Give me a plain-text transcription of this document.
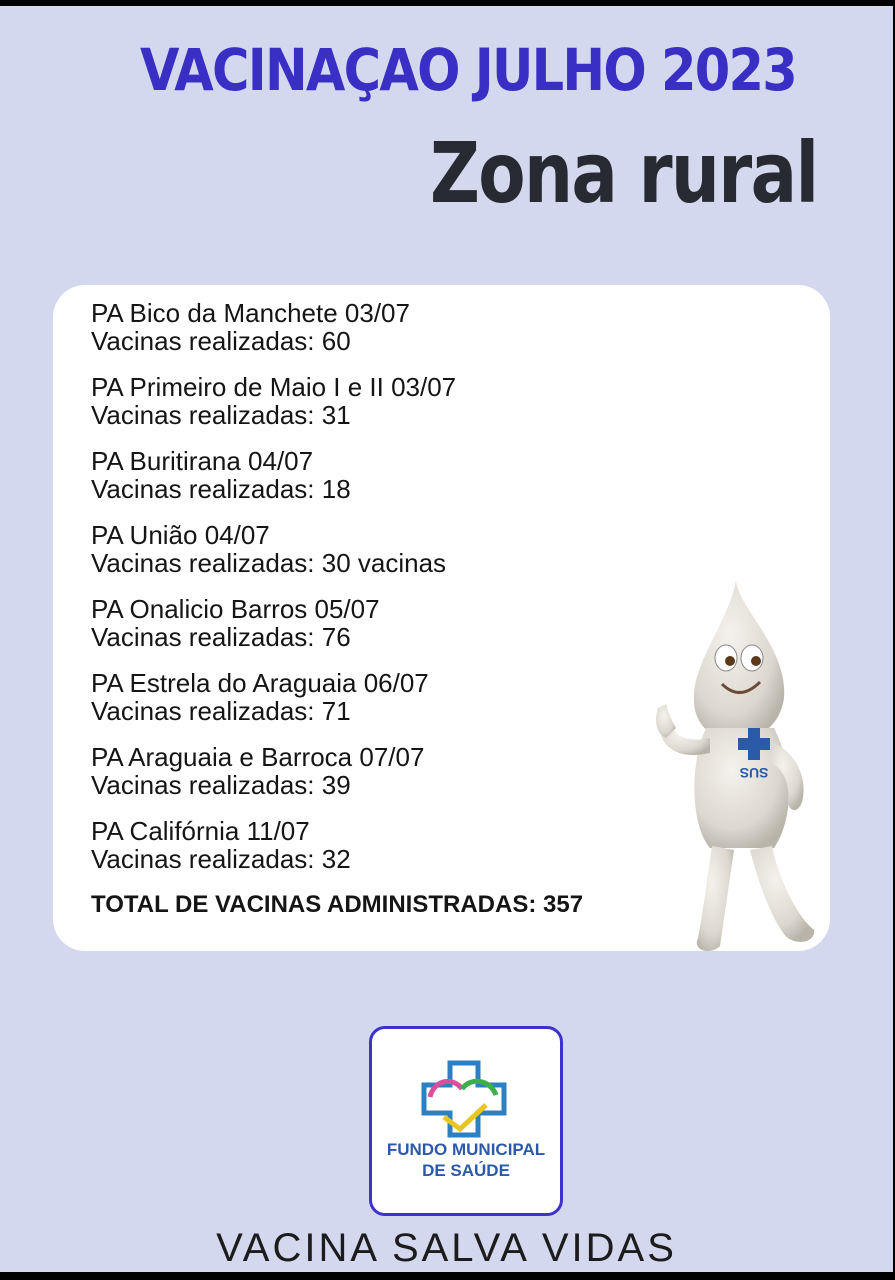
VACINAÇAO JULHO 2023
Zona rural
PA Bico da Manchete 03/07
Vacinas realizadas: 60
PA Primeiro de Maio I e II 03/07
Vacinas realizadas: 31
PA Buritirana 04/07
Vacinas realizadas: 18
PA União 04/07
Vacinas realizadas: 30 vacinas
PA Onalicio Barros 05/07
Vacinas realizadas: 76
PA Estrela do Araguaia 06/07
Vacinas realizadas: 71
PA Araguaia e Barroca 07/07
Vacinas realizadas: 39
PA Califórnia 11/07
Vacinas realizadas: 32
TOTAL DE VACINAS ADMINISTRADAS: 357
SUS
FUNDO MUNICIPAL
DE SAÚDE
VACINA SALVA VIDAS
